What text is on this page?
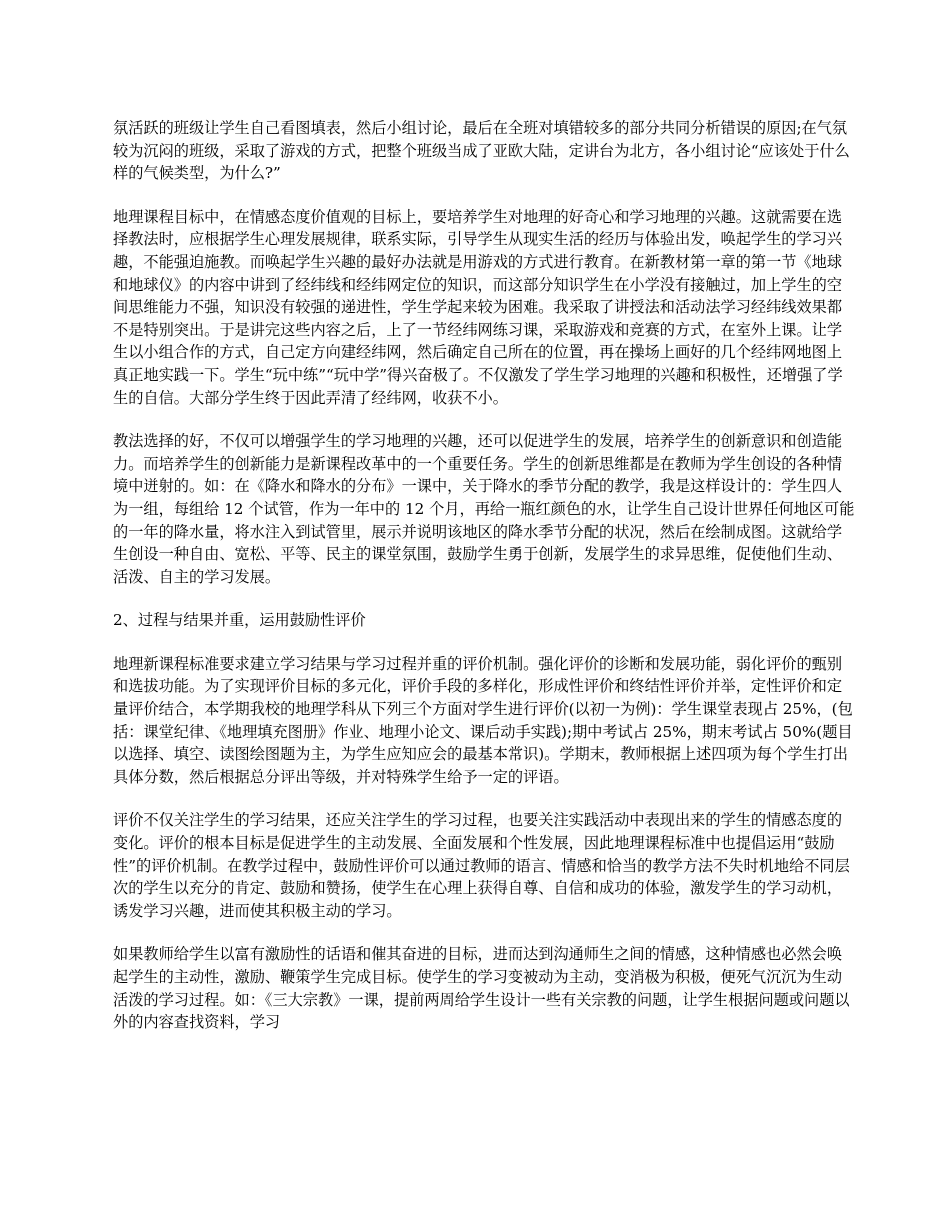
氛活跃的班级让学生自己看图填表，然后小组讨论，最后在全班对填错较多的部分共同分析错误的原因;在气氛较为沉闷的班级，采取了游戏的方式，把整个班级当成了亚欧大陆，定讲台为北方，各小组讨论“应该处于什么样的气候类型，为什么?”

地理课程目标中，在情感态度价值观的目标上，要培养学生对地理的好奇心和学习地理的兴趣。这就需要在选择教法时，应根据学生心理发展规律，联系实际，引导学生从现实生活的经历与体验出发，唤起学生的学习兴趣，不能强迫施教。而唤起学生兴趣的最好办法就是用游戏的方式进行教育。在新教材第一章的第一节《地球和地球仪》的内容中讲到了经纬线和经纬网定位的知识，而这部分知识学生在小学没有接触过，加上学生的空间思维能力不强，知识没有较强的递进性，学生学起来较为困难。我采取了讲授法和活动法学习经纬线效果都不是特别突出。于是讲完这些内容之后，上了一节经纬网练习课，采取游戏和竞赛的方式，在室外上课。让学生以小组合作的方式，自己定方向建经纬网，然后确定自己所在的位置，再在操场上画好的几个经纬网地图上真正地实践一下。学生“玩中练”“玩中学”得兴奋极了。不仅激发了学生学习地理的兴趣和积极性，还增强了学生的自信。大部分学生终于因此弄清了经纬网，收获不小。

教法选择的好，不仅可以增强学生的学习地理的兴趣，还可以促进学生的发展，培养学生的创新意识和创造能力。而培养学生的创新能力是新课程改革中的一个重要任务。学生的创新思维都是在教师为学生创设的各种情境中迸射的。如：在《降水和降水的分布》一课中，关于降水的季节分配的教学，我是这样设计的：学生四人为一组，每组给 12 个试管，作为一年中的 12 个月，再给一瓶红颜色的水，让学生自己设计世界任何地区可能的一年的降水量，将水注入到试管里，展示并说明该地区的降水季节分配的状况，然后在绘制成图。这就给学生创设一种自由、宽松、平等、民主的课堂氛围，鼓励学生勇于创新，发展学生的求异思维，促使他们生动、活泼、自主的学习发展。

2、过程与结果并重，运用鼓励性评价

地理新课程标准要求建立学习结果与学习过程并重的评价机制。强化评价的诊断和发展功能，弱化评价的甄别和选拔功能。为了实现评价目标的多元化，评价手段的多样化，形成性评价和终结性评价并举，定性评价和定量评价结合，本学期我校的地理学科从下列三个方面对学生进行评价(以初一为例)：学生课堂表现占 25%，(包括：课堂纪律、《地理填充图册》作业、地理小论文、课后动手实践);期中考试占 25%，期末考试占 50%(题目以选择、填空、读图绘图题为主，为学生应知应会的最基本常识)。学期末，教师根据上述四项为每个学生打出具体分数，然后根据总分评出等级，并对特殊学生给予一定的评语。

评价不仅关注学生的学习结果，还应关注学生的学习过程，也要关注实践活动中表现出来的学生的情感态度的变化。评价的根本目标是促进学生的主动发展、全面发展和个性发展，因此地理课程标准中也提倡运用“鼓励性”的评价机制。在教学过程中，鼓励性评价可以通过教师的语言、情感和恰当的教学方法不失时机地给不同层次的学生以充分的肯定、鼓励和赞扬，使学生在心理上获得自尊、自信和成功的体验，激发学生的学习动机，诱发学习兴趣，进而使其积极主动的学习。

如果教师给学生以富有激励性的话语和催其奋进的目标，进而达到沟通师生之间的情感，这种情感也必然会唤起学生的主动性，激励、鞭策学生完成目标。使学生的学习变被动为主动，变消极为积极，便死气沉沉为生动活泼的学习过程。如：《三大宗教》一课，提前两周给学生设计一些有关宗教的问题，让学生根据问题或问题以外的内容查找资料，学习
